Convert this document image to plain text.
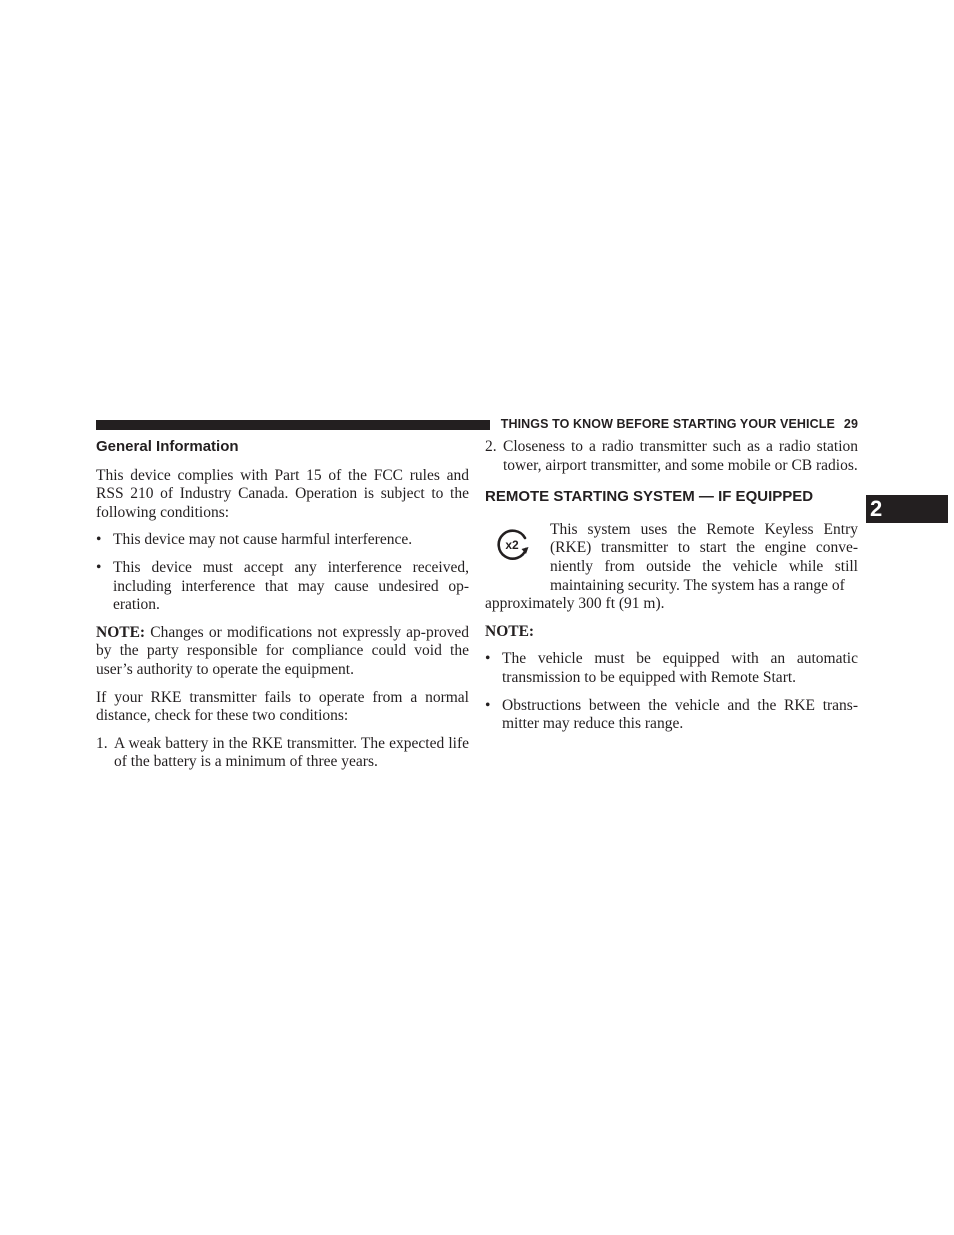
THINGS TO KNOW BEFORE STARTING YOUR VEHICLE 29
2
General Information

This device complies with Part 15 of the FCC rules and RSS 210 of Industry Canada. Operation is subject to the following conditions:

• This device may not cause harmful interference.
• This device must accept any interference received, including interference that may cause undesired op-eration.

NOTE: Changes or modifications not expressly ap-proved by the party responsible for compliance could void the user’s authority to operate the equipment.

If your RKE transmitter fails to operate from a normal distance, check for these two conditions:

1. A weak battery in the RKE transmitter. The expected life of the battery is a minimum of three years.
2. Closeness to a radio transmitter such as a radio station tower, airport transmitter, and some mobile or CB radios.
REMOTE STARTING SYSTEM — IF EQUIPPED
x2

This system uses the Remote Keyless Entry (RKE) transmitter to start the engine conve-niently from outside the vehicle while still maintaining security. The system has a range of

approximately 300 ft (91 m).

NOTE:

• The vehicle must be equipped with an automatic transmission to be equipped with Remote Start.
• Obstructions between the vehicle and the RKE trans-mitter may reduce this range.
